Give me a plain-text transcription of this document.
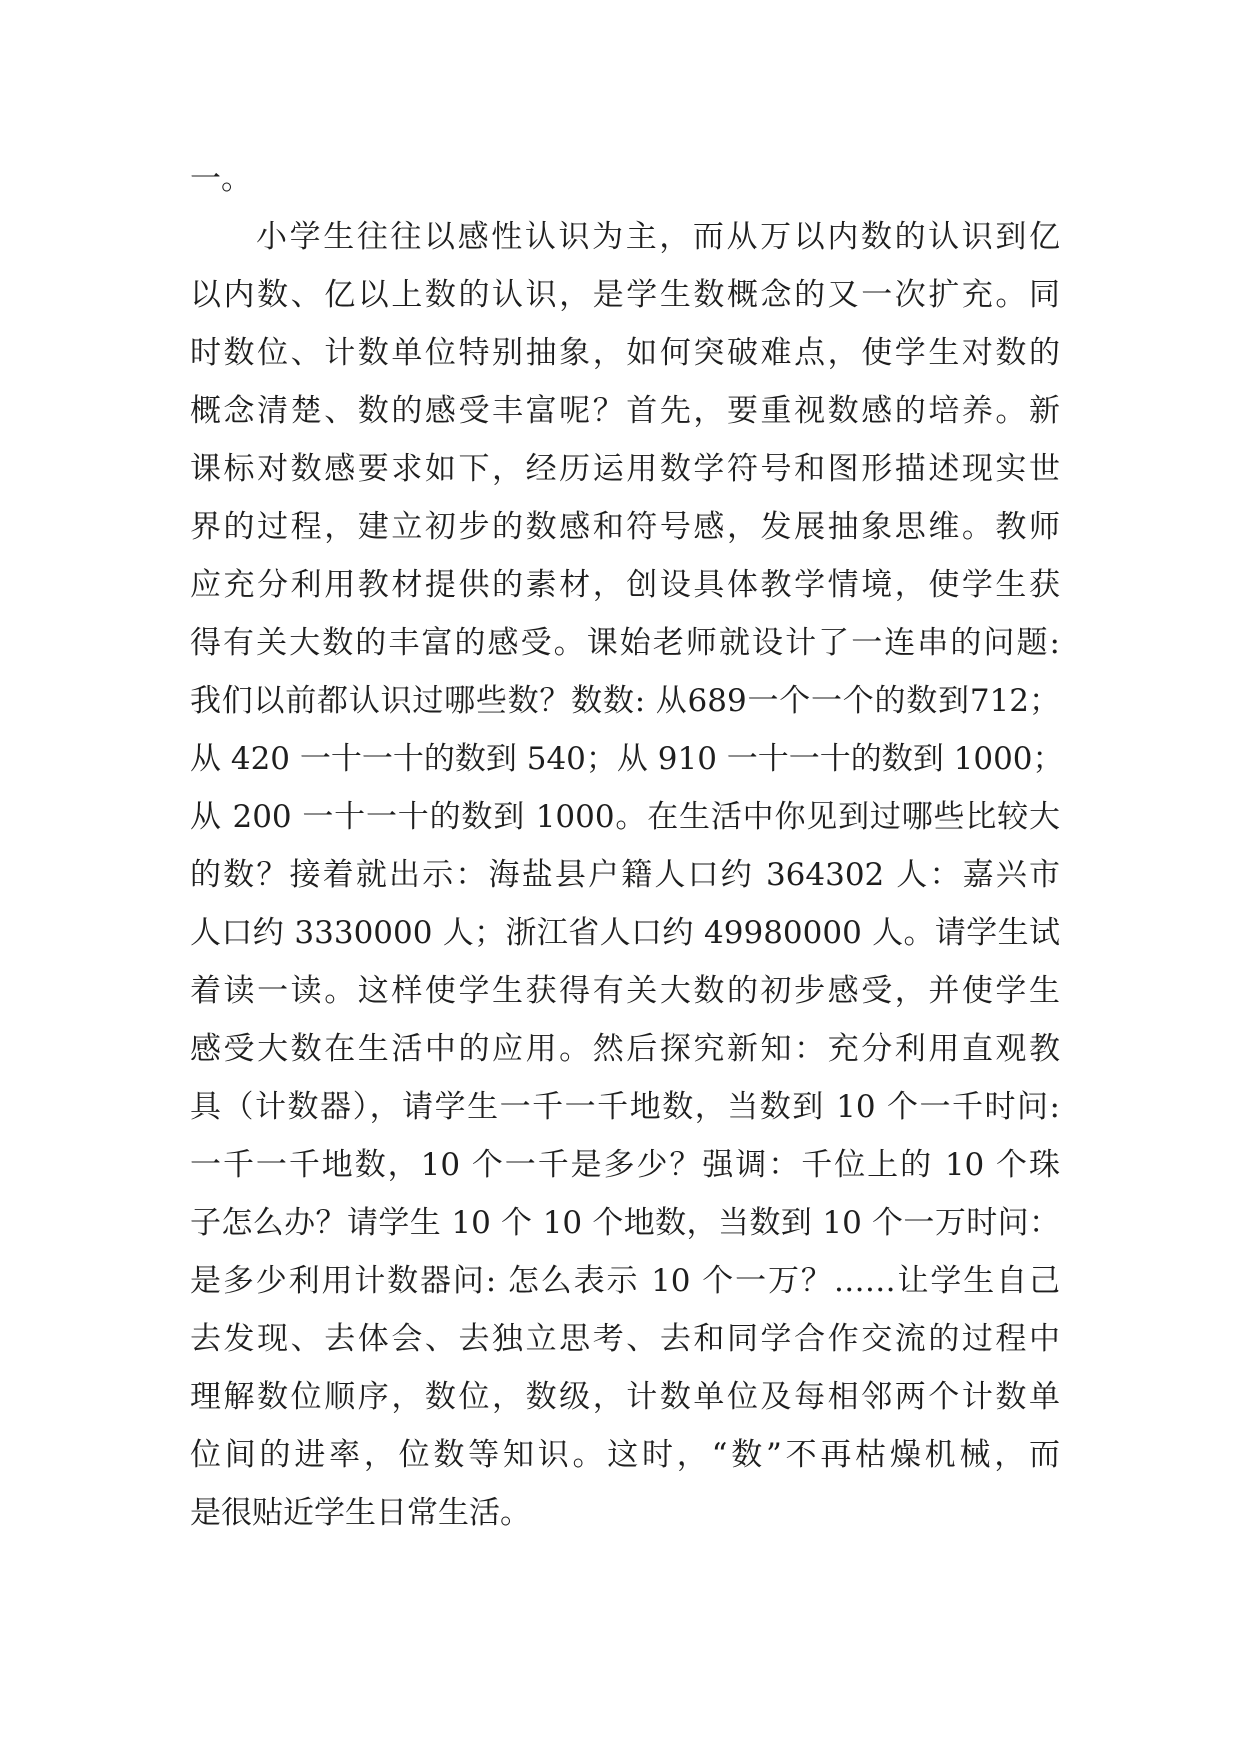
一。
小学生往往以感性认识为主，而从万以内数的认识到亿
以内数、亿以上数的认识，是学生数概念的又一次扩充。同
时数位、计数单位特别抽象，如何突破难点，使学生对数的
概念清楚、数的感受丰富呢？首先，要重视数感的培养。新
课标对数感要求如下，经历运用数学符号和图形描述现实世
界的过程，建立初步的数感和符号感，发展抽象思维。教师
应充分利用教材提供的素材，创设具体教学情境，使学生获
得有关大数的丰富的感受。课始老师就设计了一连串的问题:
我们以前都认识过哪些数？数数: 从689一个一个的数到712；
从 420 一十一十的数到 540；从 910 一十一十的数到 1000；
从 200 一十一十的数到 1000。在生活中你见到过哪些比较大
的数？接着就出示：海盐县户籍人口约 364302 人：嘉兴市
人口约 3330000 人；浙江省人口约 49980000 人。请学生试
着读一读。这样使学生获得有关大数的初步感受，并使学生
感受大数在生活中的应用。然后探究新知：充分利用直观教
具（计数器），请学生一千一千地数，当数到 10 个一千时问:
一千一千地数，10 个一千是多少？强调：千位上的 10 个珠
子怎么办？请学生 10 个 10 个地数，当数到 10 个一万时问：
是多少利用计数器问: 怎么表示 10 个一万？……让学生自己
去发现、去体会、去独立思考、去和同学合作交流的过程中
理解数位顺序，数位，数级，计数单位及每相邻两个计数单
位间的进率，位数等知识。这时，“数”不再枯燥机械，而
是很贴近学生日常生活。
